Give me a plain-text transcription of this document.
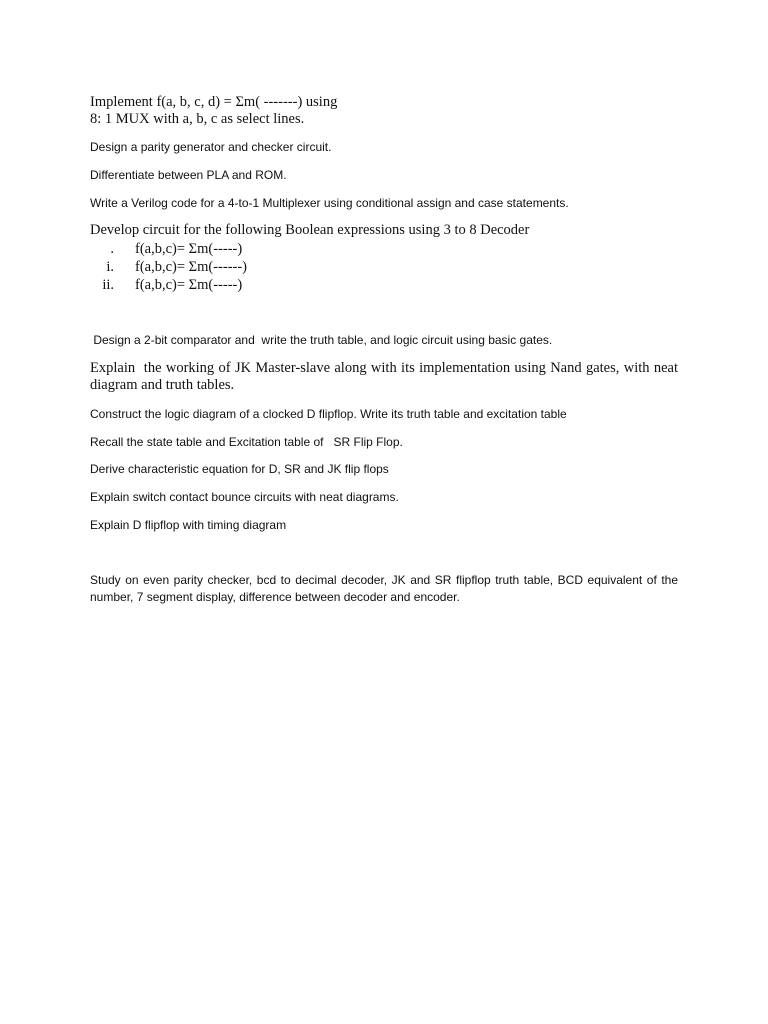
Implement f(a, b, c, d) = Σm( -------) using
8: 1 MUX with a, b, c as select lines.

Design a parity generator and checker circuit.

Differentiate between PLA and ROM.

Write a Verilog code for a 4-to-1 Multiplexer using conditional assign and case statements.

Develop circuit for the following Boolean expressions using 3 to 8 Decoder
. f(a,b,c)= Σm(-----)
i. f(a,b,c)= Σm(------)
ii. f(a,b,c)= Σm(-----)

Design a 2-bit comparator and  write the truth table, and logic circuit using basic gates.

Explain  the working of JK Master-slave along with its implementation using Nand gates, with neat diagram and truth tables.

Construct the logic diagram of a clocked D flipflop. Write its truth table and excitation table

Recall the state table and Excitation table of   SR Flip Flop.

Derive characteristic equation for D, SR and JK flip flops

Explain switch contact bounce circuits with neat diagrams.

Explain D flipflop with timing diagram

Study on even parity checker, bcd to decimal decoder, JK and SR flipflop truth table, BCD equivalent of the number, 7 segment display, difference between decoder and encoder.
